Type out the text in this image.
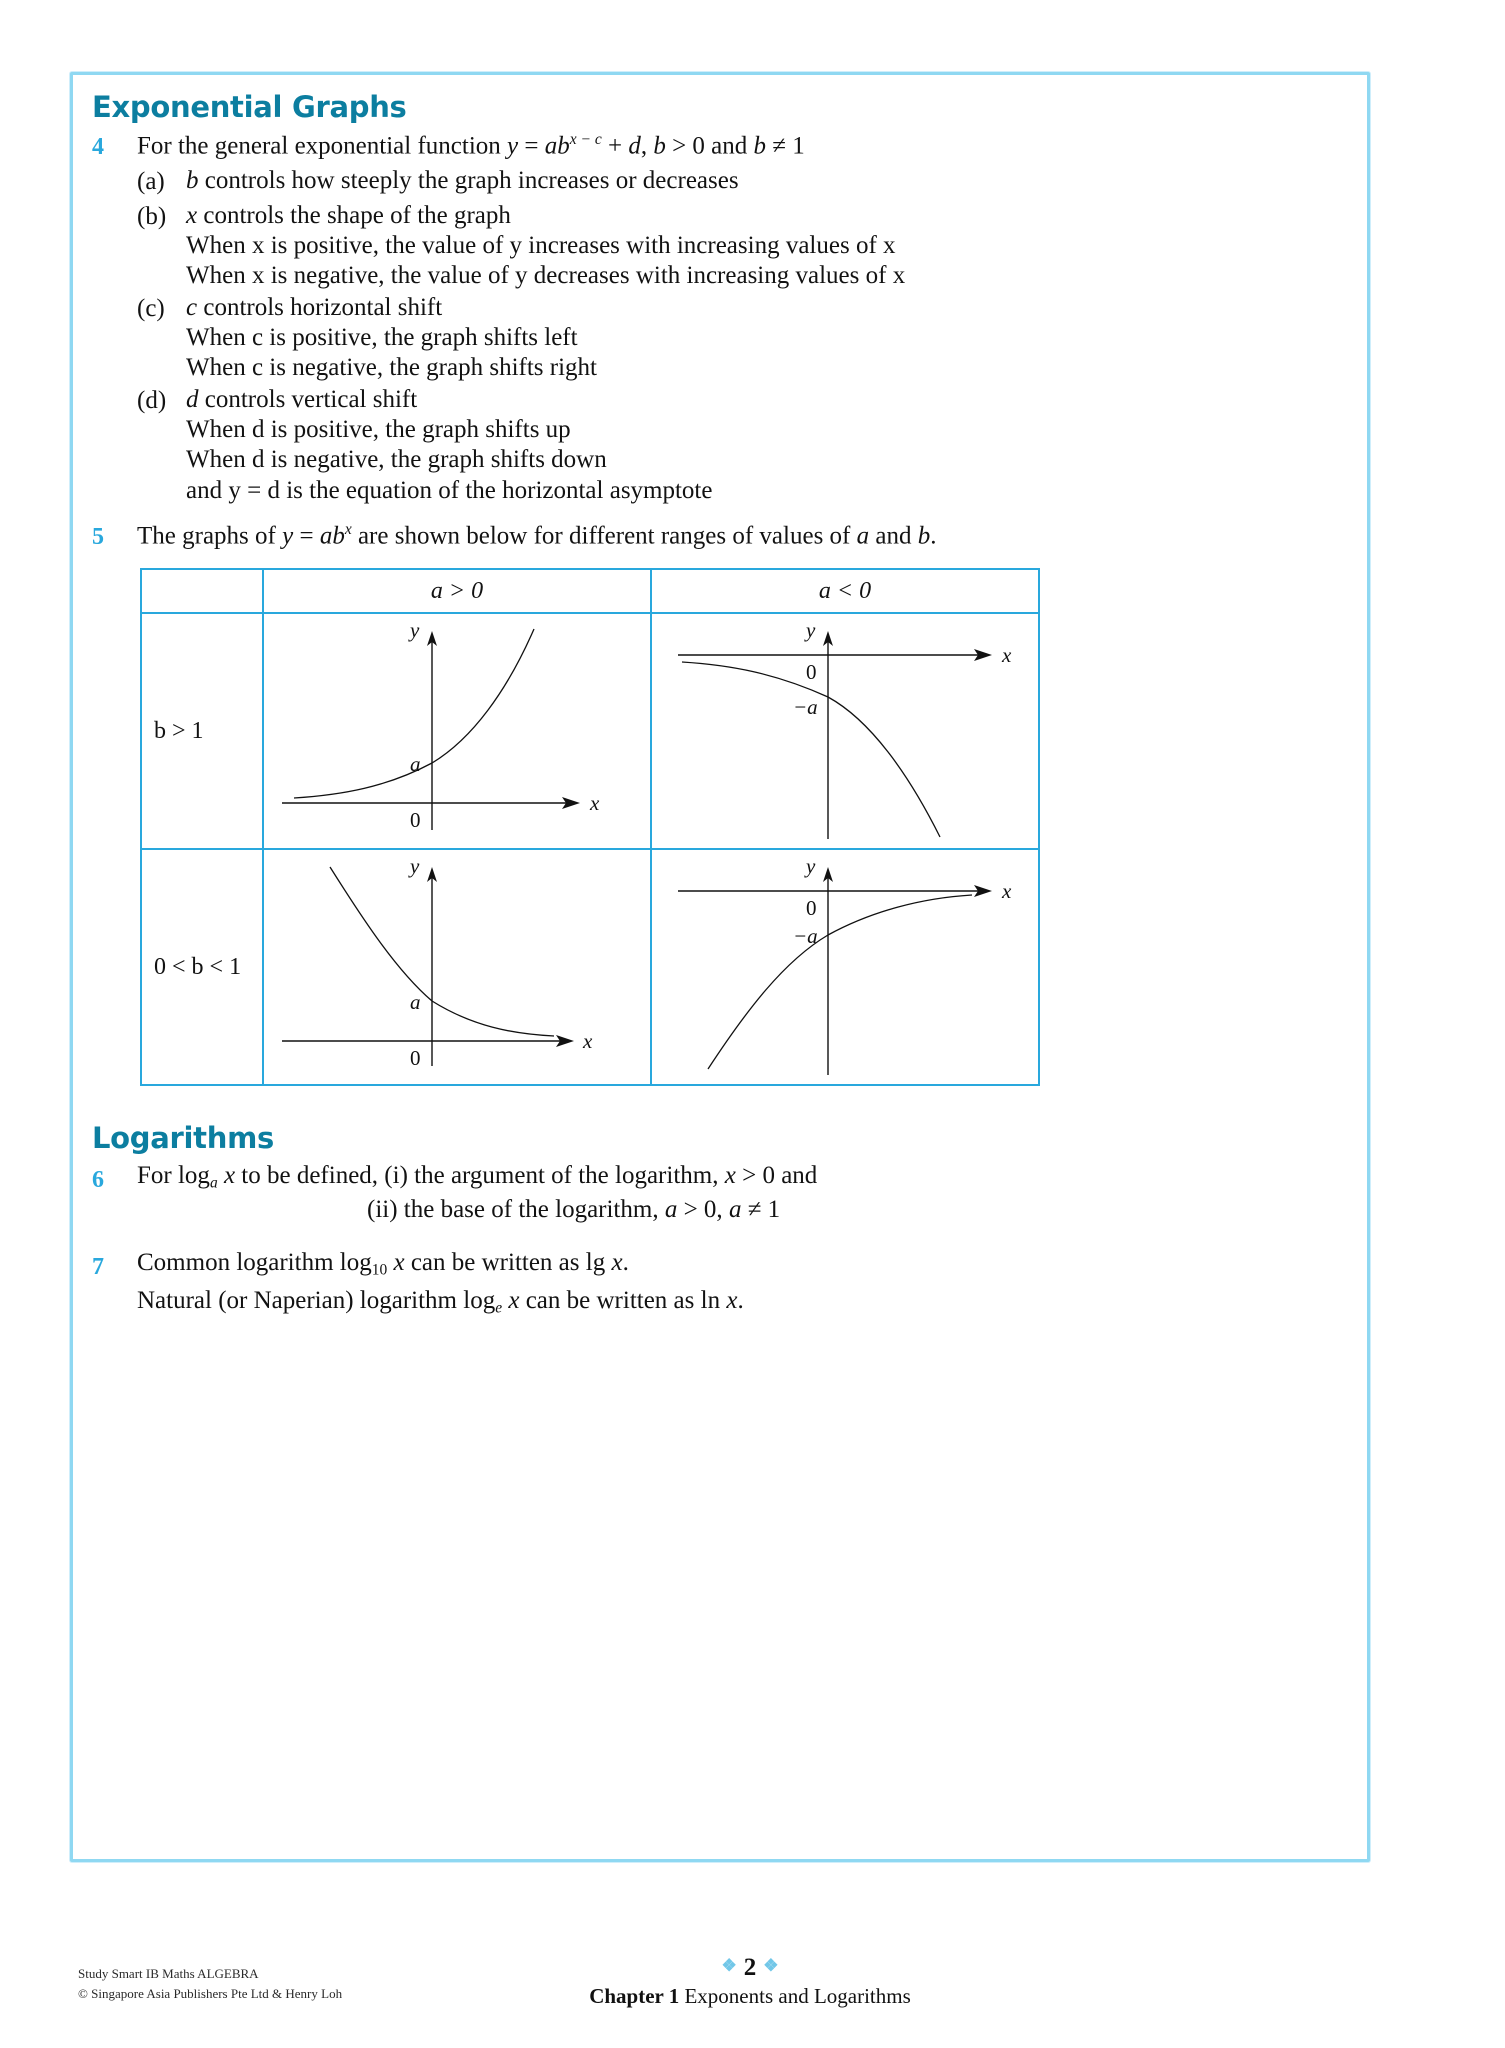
Exponential Graphs
4 For the general exponential function $y = ab^{x - c} + d$, b > 0 and b ≠ 1
(a) b controls how steeply the graph increases or decreases
(b) x controls the shape of the graph
When x is positive, the value of y increases with increasing values of x
When x is negative, the value of y decreases with increasing values of x
(c) c controls horizontal shift
When c is positive, the graph shifts left
When c is negative, the graph shifts right
(d) d controls vertical shift
When d is positive, the graph shifts up
When d is negative, the graph shifts down
and y = d is the equation of the horizontal asymptote
5 The graphs of $y = ab^x$ are shown below for different ranges of values of a and b.
	a > 0	a < 0

b > 1	y
x
0
a	y
x
0
−a

0 < b < 1	y
x
0
a	y
x
0
−a
Logarithms
6 For $\log_a x$ to be defined, (i) the argument of the logarithm, x > 0 and
(ii) the base of the logarithm, a > 0, a ≠ 1
7 Common logarithm $\log_{10} x$ can be written as lg x.
Natural (or Naperian) logarithm $\log_e x$ can be written as ln x.
Study Smart IB Maths ALGEBRA
© Singapore Asia Publishers Pte Ltd & Henry Loh
❖ 2 ❖
Chapter 1 Exponents and Logarithms
